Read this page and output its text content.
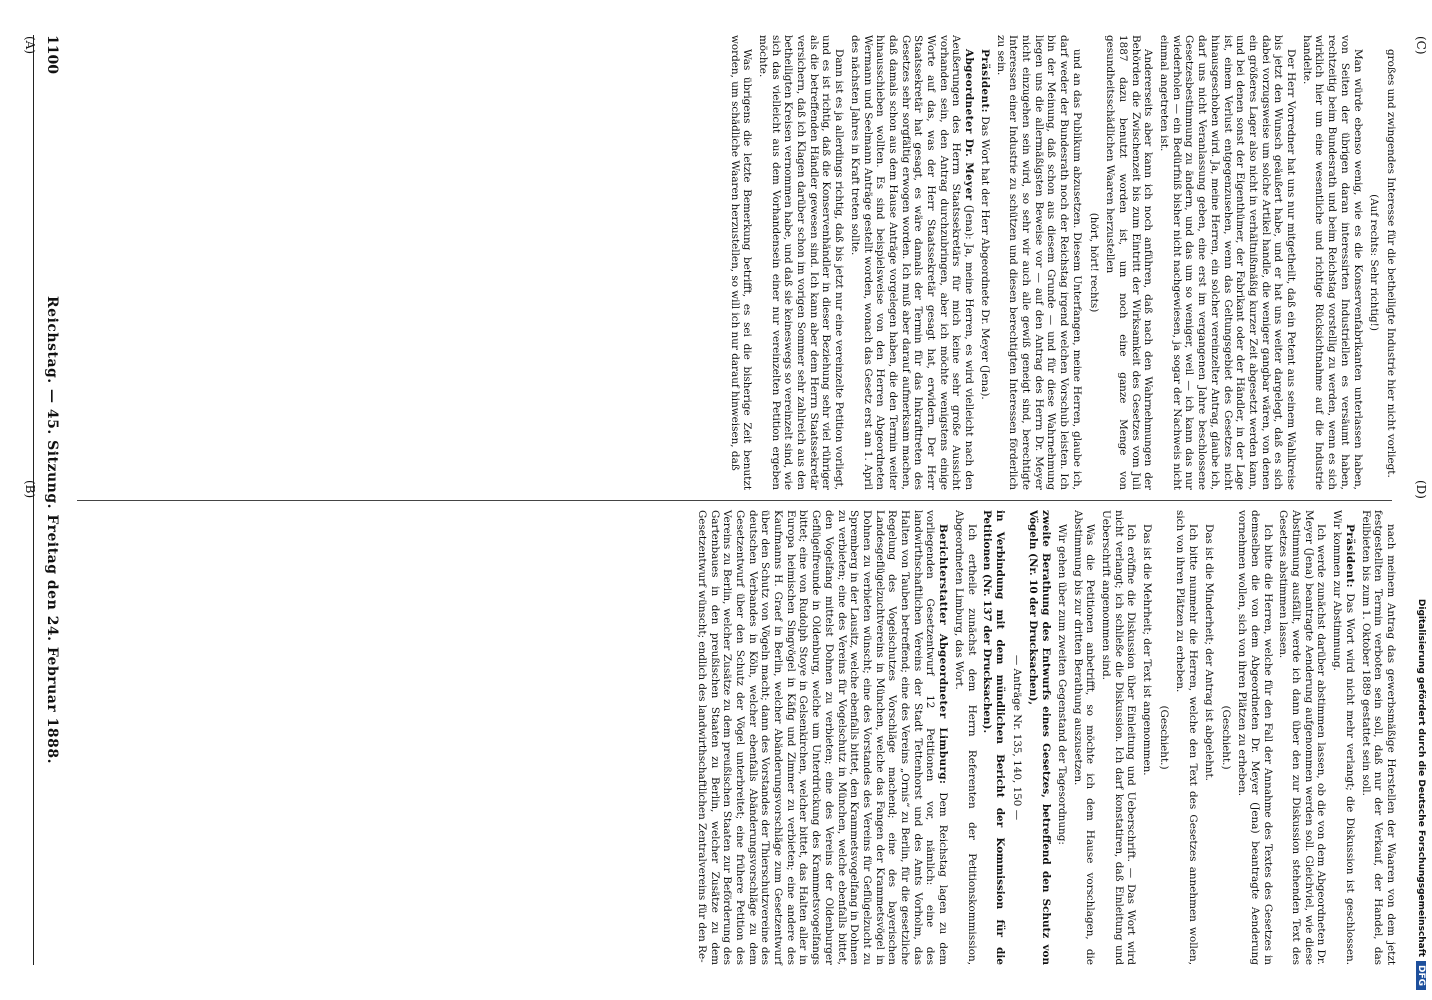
1100
Reichstag. — 45. Sitzung. Freitag den 24. Februar 1888.

großes und zwingendes Interesse für die betheiligte Industrie hier nicht vorliegt.

(Auf rechts: Sehr richtig!)

Man würde ebenso wenig, wie es die Konservenfabrikanten unterlassen haben, von Seiten der übrigen daran interessirten Industriellen es versäumt haben, rechtzeitig beim Bundesrath und beim Reichstag vorstellig zu werden, wenn es sich wirklich hier um eine wesentliche und richtige Rücksichtnahme auf die Industrie handelte.

Der Herr Vorredner hat uns nur mitgetheilt, daß ein Petent aus seinem Wahlkreise bis jetzt den Wunsch geäußert habe, und er hat uns weiter dargelegt, daß es sich dabei vorzugsweise um solche Artikel handle, die weniger gangbar wären, von denen ein größeres Lager also nicht in verhältnißmäßig kurzer Zeit abgesetzt werden kann, und bei denen sonst der Eigenthümer, der Fabrikant oder der Händler, in der Lage ist, einem Verlust entgegenzusehen, wenn das Geltungsgebiet des Gesetzes nicht hinausgeschoben wird. Ja, meine Herren, ein solcher vereinzelter Antrag, glaube ich, darf uns nicht Veranlassung geben, eine erst im vergangenen Jahre beschlossene Gesetzesbestimmung zu ändern, und das um so weniger, weil — ich kann das nur wiederholen — ein Bedürfniß bisher nicht nachgewiesen, ja sogar der Nachweis nicht einmal angetreten ist.

Andererseits aber kann ich noch anführen, daß nach den Wahrnehmungen der Behörden die Zwischenzeit bis zum Eintritt der Wirksamkeit des Gesetzes vom Juli 1887 dazu benutzt worden ist, um noch eine ganze Menge von gesundheitsschädlichen Waaren herzustellen

(hört, hört! rechts)

und an das Publikum abzusetzen. Diesem Unterfangen, meine Herren, glaube ich, darf weder der Bundesrath noch der Reichstag irgend welchen Vorschub leisten. Ich bin der Meinung, daß schon aus diesem Grunde — und für diese Wahrnehmung liegen uns die allermäßigsten Beweise vor — auf den Antrag des Herrn Dr. Meyer nicht einzugehen sein wird, so sehr wir auch alle gewiß geneigt sind, berechtigte Interessen einer Industrie zu schützen und diesen berechtigten Interessen förderlich zu sein.

Präsident: Das Wort hat der Herr Abgeordnete Dr. Meyer (Jena).

Abgeordneter Dr. Meyer (Jena): Ja, meine Herren, es wird vielleicht nach den Aeußerungen des Herrn Staatssekretärs für mich keine sehr große Aussicht vorhanden sein, den Antrag durchzubringen, aber ich möchte wenigstens einige Worte auf das, was der Herr Staatssekretär gesagt hat, erwidern. Der Herr Staatssekretär hat gesagt, es wäre damals der Termin für das Inkrafttreten des Gesetzes sehr sorgfältig erwogen worden. Ich muß aber darauf aufmerksam machen, daß damals schon aus dem Hause Anträge vorgelegen haben, die den Termin weiter hinausschieben wollten. Es sind beispielsweise von den Herren Abgeordneten Wermann und Seelmann Anträge gestellt worden, wonach das Gesetz erst am 1. April des nächsten Jahres in Kraft treten sollte.

Dann ist es ja allerdings richtig, daß bis jetzt nur eine vereinzelte Petition vorliegt, und es ist richtig, daß die Konservenhändler in dieser Beziehung sehr viel rühriger als die betreffenden Händler gewesen sind. Ich kann aber dem Herrn Staatssekretär versichern, daß ich Klagen darüber schon im vorigen Sommer sehr zahlreich aus den betheiligten Kreisen vernommen habe, und daß sie keineswegs so vereinzelt sind, wie sich das vielleicht aus dem Vorhandensein einer nur vereinzelten Petition ergeben möchte.

Was übrigens die letzte Bemerkung betrifft, es sei die bisherige Zeit benutzt worden, um schädliche Waaren herzustellen, so will ich nur darauf hinweisen, daß

nach meinem Antrag das gewerbsmäßige Herstellen der Waaren von dem jetzt festgestellten Termin verboten sein soll, daß nur der Verkauf, der Handel, das Feilbieten bis zum 1. Oktober 1889 gestattet sein soll.

Präsident: Das Wort wird nicht mehr verlangt; die Diskussion ist geschlossen. Wir kommen zur Abstimmung.

Ich werde zunächst darüber abstimmen lassen, ob die von dem Abgeordneten Dr. Meyer (Jena) beantragte Aenderung aufgenommen werden soll. Gleichviel, wie diese Abstimmung ausfällt, werde ich dann über den zur Diskussion stehenden Text des Gesetzes abstimmen lassen.

Ich bitte die Herren, welche für den Fall der Annahme des Textes des Gesetzes in demselben die von dem Abgeordneten Dr. Meyer (Jena) beantragte Aenderung vornehmen wollen, sich von ihren Plätzen zu erheben.

(Geschieht.)

Das ist die Minderheit; der Antrag ist abgelehnt.

Ich bitte nunmehr die Herren, welche den Text des Gesetzes annehmen wollen, sich von ihren Plätzen zu erheben.

(Geschieht.)

Das ist die Mehrheit; der Text ist angenommen.

Ich eröffne die Diskussion über Einleitung und Ueberschrift. — Das Wort wird nicht verlangt; ich schließe die Diskussion. Ich darf konstatiren, daß Einleitung und Ueberschrift angenommen sind.

Was die Petitionen anbetrifft, so möchte ich dem Hause vorschlagen, die Abstimmung bis zur dritten Berathung auszusetzen.

Wir gehen über zum zweiten Gegenstand der Tagesordnung:

zweite Berathung des Entwurfs eines Gesetzes, betreffend den Schutz von Vögeln (Nr. 10 der Drucksachen),

— Anträge Nr. 135, 140, 150 —

in Verbindung mit dem mündlichen Bericht der Kommission für die Petitionen (Nr. 137 der Drucksachen).

Ich ertheile zunächst dem Herrn Referenten der Petitionskommission, Abgeordneten Limburg, das Wort.

Berichterstatter Abgeordneter Limburg: Dem Reichstag lagen zu dem vorliegenden Gesetzentwurf 12 Petitionen vor, nämlich: eine des landwirthschaftlichen Vereins der Stadt Tettenhorst und des Amts Vorholm, das Halten von Tauben betreffend; eine des Vereins „Ornis“ zu Berlin, für die gesetzliche Regelung des Vogelschutzes Vorschläge machend; eine des bayerischen Landesgeflügelzuchtvereins in München, welche das Fangen der Krammetsvögel in Dohnen zu verbieten wünscht; eine des Vorstandes des Vereins für Geflügelzucht zu Spremberg in der Lausitz, welche ebenfalls bittet, den Krammetsvogelfang in Dohnen zu verbieten; eine des Vereins für Vogelschutz in München, welche ebenfalls bittet, den Vogelfang mittelst Dohnen zu verbieten; eine des Vereins der Oldenburger Geflügelfreunde in Oldenburg, welche um Unterdrückung des Krammetsvogelfangs bittet; eine von Rudolph Stoye in Gelsenkirchen, welcher bittet, das Halten aller in Europa heimischen Singvögel in Käfig und Zimmer zu verbieten; eine andere des Kaufmanns H. Graef in Berlin, welcher Abänderungsvorschläge zum Gesetzentwurf über den Schutz von Vögeln macht; dann des Vorstandes der Thierschutzvereine des deutschen Verbandes in Köln, welcher ebenfalls Abänderungsvorschläge zu dem Gesetzentwurf über den Schutz der Vögel unterbreitet; eine frühere Petition des Vereins zu Berlin, welcher Zusätze zu dem preußischen Staaten zur Beförderung des Gartenbaues in den preußischen Staaten zu Berlin, welcher Zusätze zu dem Gesetzentwurf wünscht; endlich des landwirthschaftlichen Zentralvereins für den Re-

(A)
(B)
(C)
(D)
Digitalisierung gefördert durch die Deutsche ForschungsgemeinschaftDFG
